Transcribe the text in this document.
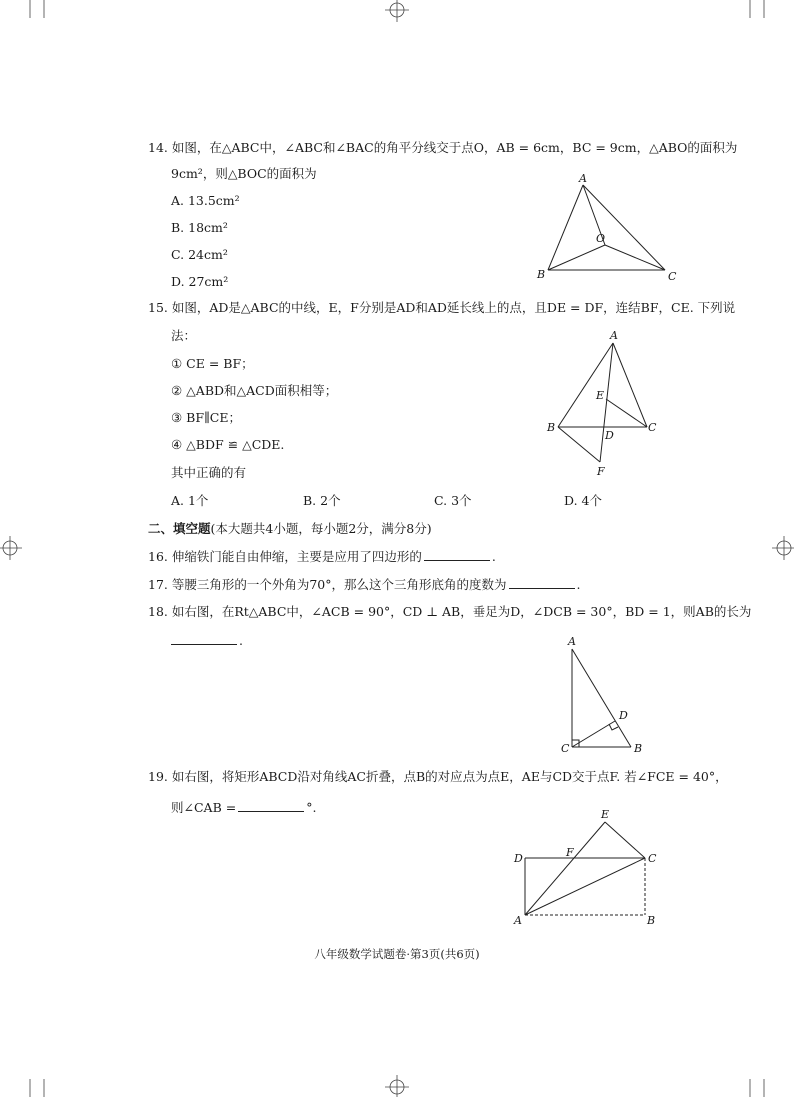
14. 如图，在△ABC中，∠ABC和∠BAC的角平分线交于点O，AB = 6cm，BC = 9cm，△ABO的面积为
9cm²，则△BOC的面积为
A. 13.5cm²
B. 18cm²
C. 24cm²
D. 27cm²
A
B	C
O
15. 如图，AD是△ABC的中线，E，F分别是AD和AD延长线上的点，且DE = DF，连结BF，CE. 下列说
法：
① CE = BF；
② △ABD和△ACD面积相等；
③ BF∥CE；
④ △BDF ≌ △CDE.
其中正确的有
A. 1个	B. 2个	C. 3个	D. 4个
A
B	C
D
E
F
二、填空题(本大题共4小题，每小题2分，满分8分)
16. 伸缩铁门能自由伸缩，主要是应用了四边形的	.
17. 等腰三角形的一个外角为70°，那么这个三角形底角的度数为	.
18. 如右图，在Rt△ABC中，∠ACB = 90°，CD ⊥ AB，垂足为D，∠DCB = 30°，BD = 1，则AB的长为
.	A
C	B
D
19. 如右图，将矩形ABCD沿对角线AC折叠，点B的对应点为点E，AE与CD交于点F. 若∠FCE = 40°，
则∠CAB =	°.	E
D	F	C
A	B
八年级数学试题卷·第3页(共6页)
